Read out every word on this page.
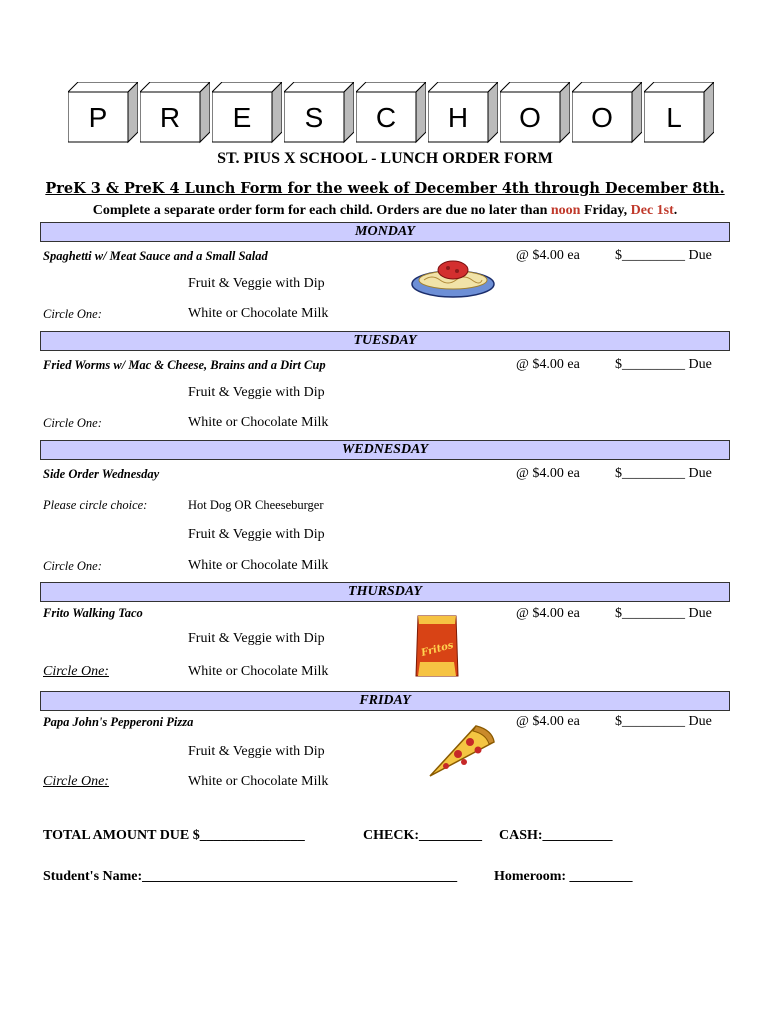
P	R	E	S	C	H	O	O	L
ST. PIUS X SCHOOL - LUNCH ORDER FORM
PreK 3 & PreK 4 Lunch Form for the week of December 4th through December 8th.
Complete a separate order form for each child. Orders are due no later than noon Friday, Dec 1st.
MONDAY
Spaghetti w/ Meat Sauce and a Small Salad	@ $4.00 ea	$_________ Due
Fruit & Veggie with Dip
Circle One:	White or Chocolate Milk
TUESDAY
Fried Worms w/ Mac & Cheese, Brains and a Dirt Cup	@ $4.00 ea	$_________ Due
Fruit & Veggie with Dip
Circle One:	White or Chocolate Milk
WEDNESDAY
Side Order Wednesday	@ $4.00 ea	$_________ Due
Please circle choice:	Hot Dog OR Cheeseburger
Fruit & Veggie with Dip
Circle One:	White or Chocolate Milk
THURSDAY
Frito Walking Taco	@ $4.00 ea	$_________ Due
Fruit & Veggie with Dip
Circle One:	White or Chocolate Milk
Fritos
FRIDAY
Papa John's Pepperoni Pizza	@ $4.00 ea	$_________ Due
Fruit & Veggie with Dip
Circle One:	White or Chocolate Milk
TOTAL AMOUNT DUE $_______________	CHECK:_________ CASH:__________
Student's Name:_____________________________________________	Homeroom: _________
